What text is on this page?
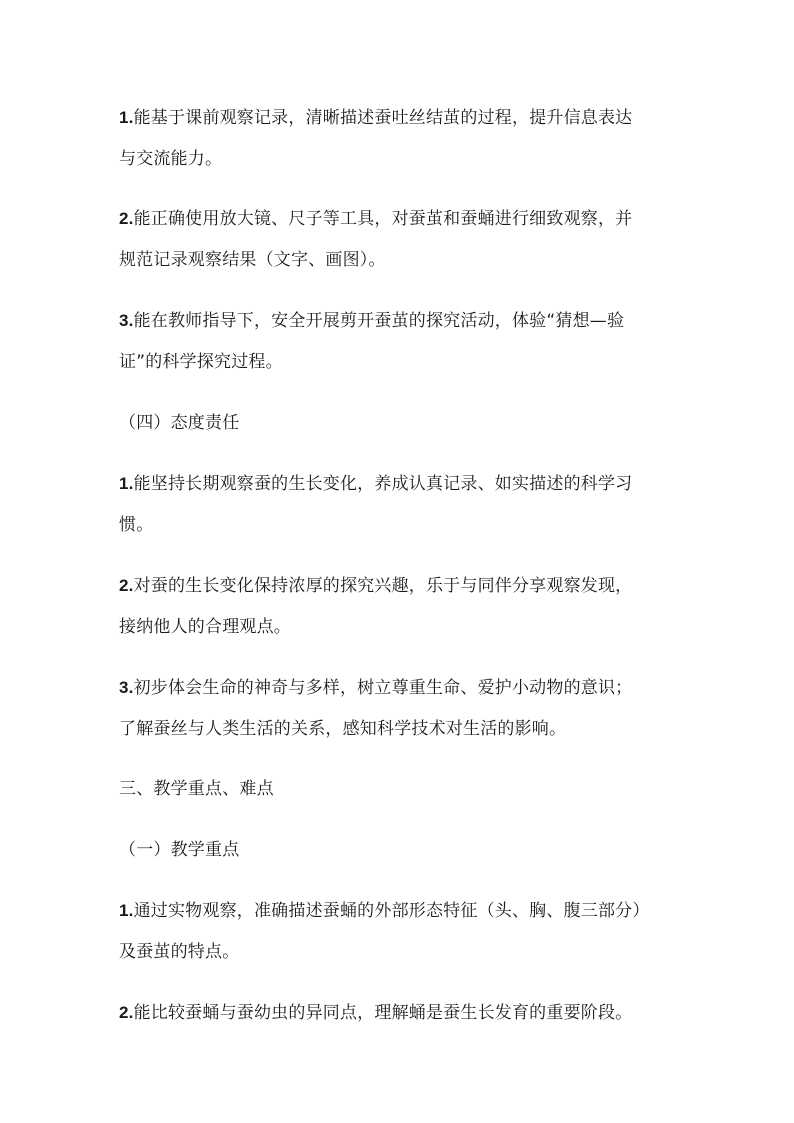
1.能基于课前观察记录，清晰描述蚕吐丝结茧的过程，提升信息表达
与交流能力。
2.能正确使用放大镜、尺子等工具，对蚕茧和蚕蛹进行细致观察，并
规范记录观察结果（文字、画图）。
3.能在教师指导下，安全开展剪开蚕茧的探究活动，体验“猜想—验
证”的科学探究过程。
（四）态度责任
1.能坚持长期观察蚕的生长变化，养成认真记录、如实描述的科学习
惯。
2.对蚕的生长变化保持浓厚的探究兴趣，乐于与同伴分享观察发现，
接纳他人的合理观点。
3.初步体会生命的神奇与多样，树立尊重生命、爱护小动物的意识；
了解蚕丝与人类生活的关系，感知科学技术对生活的影响。
三、教学重点、难点
（一）教学重点
1.通过实物观察，准确描述蚕蛹的外部形态特征（头、胸、腹三部分）
及蚕茧的特点。
2.能比较蚕蛹与蚕幼虫的异同点，理解蛹是蚕生长发育的重要阶段。
